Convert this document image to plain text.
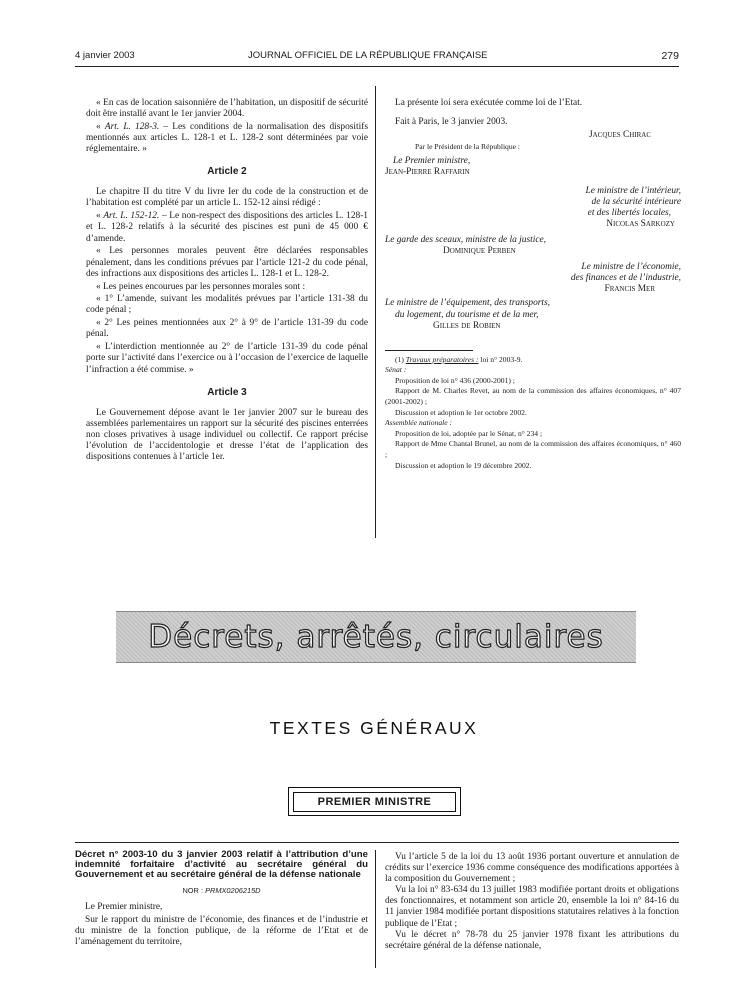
4 janvier 2003	JOURNAL OFFICIEL DE LA RÉPUBLIQUE FRANÇAISE	279

« En cas de location saisonnière de l’habitation, un dispositif de sécurité doit être installé avant le 1er janvier 2004.

« Art. L. 128-3. – Les conditions de la normalisation des dispositifs mentionnés aux articles L. 128-1 et L. 128-2 sont déterminées par voie réglementaire. »

Article 2

Le chapitre II du titre V du livre Ier du code de la construction et de l’habitation est complété par un article L. 152-12 ainsi rédigé :

« Art. L. 152-12. – Le non-respect des dispositions des articles L. 128-1 et L. 128-2 relatifs à la sécurité des piscines est puni de 45 000 € d’amende.

« Les personnes morales peuvent être déclarées responsables pénalement, dans les conditions prévues par l’article 121-2 du code pénal, des infractions aux dispositions des articles L. 128-1 et L. 128-2.

« Les peines encourues par les personnes morales sont :

« 1° L’amende, suivant les modalités prévues par l’article 131-38 du code pénal ;

« 2° Les peines mentionnées aux 2° à 9° de l’article 131-39 du code pénal.

« L’interdiction mentionnée au 2° de l’article 131-39 du code pénal porte sur l’activité dans l’exercice ou à l’occasion de l’exercice de laquelle l’infraction a été commise. »

Article 3

Le Gouvernement dépose avant le 1er janvier 2007 sur le bureau des assemblées parlementaires un rapport sur la sécurité des piscines enterrées non closes privatives à usage individuel ou collectif. Ce rapport précise l’évolution de l’accidentologie et dresse l’état de l’application des dispositions contenues à l’article 1er.

La présente loi sera exécutée comme loi de l’Etat.

Fait à Paris, le 3 janvier 2003.

Jacques Chirac

Par le Président de la République :

Le Premier ministre,

Jean-Pierre Raffarin

Le ministre de l’intérieur,

de la sécurité intérieure

et des libertés locales,

Nicolas Sarkozy

Le garde des sceaux, ministre de la justice,

Dominique Perben

Le ministre de l’économie,

des finances et de l’industrie,

Francis Mer

Le ministre de l’équipement, des transports,

du logement, du tourisme et de la mer,

Gilles de Robien

(1) Travaux préparatoires : loi n° 2003-9.

Sénat :

Proposition de loi n° 436 (2000-2001) ;

Rapport de M. Charles Revet, au nom de la commission des affaires économiques, n° 407 (2001-2002) ;

Discussion et adoption le 1er octobre 2002.

Assemblée nationale :

Proposition de loi, adoptée par le Sénat, n° 234 ;

Rapport de Mme Chantal Brunel, au nom de la commission des affaires économiques, n° 460 ;

Discussion et adoption le 19 décembre 2002.

Décrets, arrêtés, circulaires
TEXTES GÉNÉRAUX
PREMIER MINISTRE

Décret n° 2003-10 du 3 janvier 2003 relatif à l’attribution d’une indemnité forfaitaire d’activité au secrétaire général du Gouvernement et au secrétaire général de la défense nationale

NOR : PRMX0206215D

Le Premier ministre,

Sur le rapport du ministre de l’économie, des finances et de l’industrie et du ministre de la fonction publique, de la réforme de l’Etat et de l’aménagement du territoire,

Vu l’article 5 de la loi du 13 août 1936 portant ouverture et annulation de crédits sur l’exercice 1936 comme conséquence des modifications apportées à la composition du Gouvernement ;

Vu la loi n° 83-634 du 13 juillet 1983 modifiée portant droits et obligations des fonctionnaires, et notamment son article 20, ensemble la loi n° 84-16 du 11 janvier 1984 modifiée portant dispositions statutaires relatives à la fonction publique de l’Etat ;

Vu le décret n° 78-78 du 25 janvier 1978 fixant les attributions du secrétaire général de la défense nationale,
